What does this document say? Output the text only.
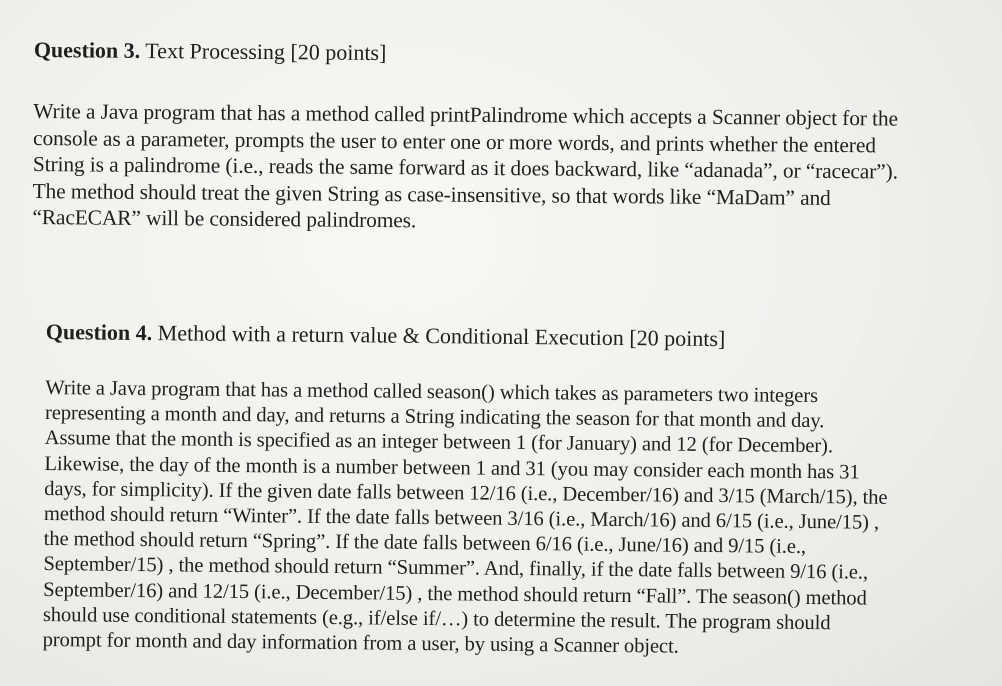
Question 3. Text Processing [20 points]

Write a Java program that has a method called printPalindrome which accepts a Scanner object for the
console as a parameter, prompts the user to enter one or more words, and prints whether the entered
String is a palindrome (i.e., reads the same forward as it does backward, like “adanada”, or “racecar”).
The method should treat the given String as case-insensitive, so that words like “MaDam” and
“RacECAR” will be considered palindromes.

Question 4. Method with a return value & Conditional Execution [20 points]

Write a Java program that has a method called season() which takes as parameters two integers
representing a month and day, and returns a String indicating the season for that month and day.
Assume that the month is specified as an integer between 1 (for January) and 12 (for December).
Likewise, the day of the month is a number between 1 and 31 (you may consider each month has 31
days, for simplicity). If the given date falls between 12/16 (i.e., December/16) and 3/15 (March/15), the
method should return “Winter”. If the date falls between 3/16 (i.e., March/16) and 6/15 (i.e., June/15) ,
the method should return “Spring”. If the date falls between 6/16 (i.e., June/16) and 9/15 (i.e.,
September/15) , the method should return “Summer”. And, finally, if the date falls between 9/16 (i.e.,
September/16) and 12/15 (i.e., December/15) , the method should return “Fall”. The season() method
should use conditional statements (e.g., if/else if/…) to determine the result. The program should
prompt for month and day information from a user, by using a Scanner object.
